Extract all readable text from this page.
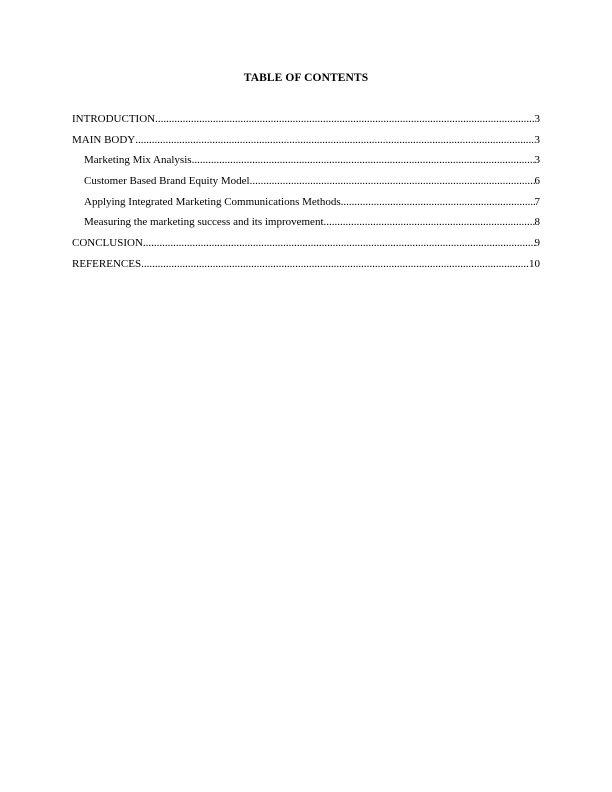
TABLE OF CONTENTS
INTRODUCTION .....	3
MAIN BODY .....	3
Marketing Mix Analysis .....	3
Customer Based Brand Equity Model .....	6
Applying Integrated Marketing Communications Methods .....	7
Measuring the marketing success and its improvement .....	8
CONCLUSION .....	9
REFERENCES .....	10
